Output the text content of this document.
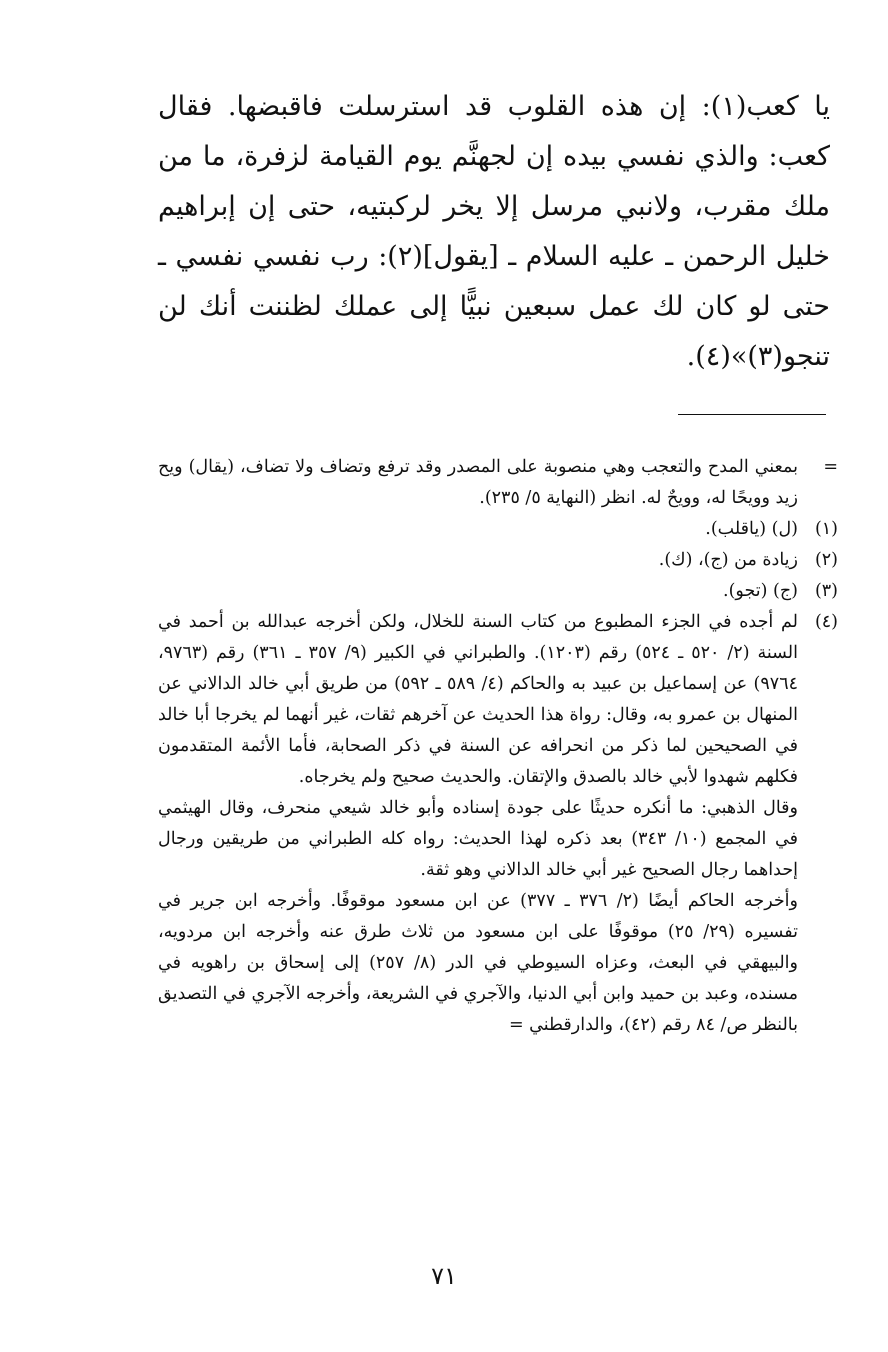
يا كعب(١): إن هذه القلوب قد استرسلت فاقبضها. فقال كعب: والذي نفسي بيده إن لجهنَّم يوم القيامة لزفرة، ما من ملك مقرب، ولانبي مرسل إلا يخر لركبتيه، حتى إن إبراهيم خليل الرحمن ـ عليه السلام ـ [يقول](٢): رب نفسي نفسي ـ حتى لو كان لك عمل سبعين نبيًّا إلى عملك لظننت أنك لن تنجو(٣)»(٤).

=
بمعني المدح والتعجب وهي منصوبة على المصدر وقد ترفع وتضاف ولا تضاف، (يقال) ويح زيد وويحًا له، وويحٌ له. انظر (النهاية ٥/ ٢٣٥).
(١)
(ل) (ياقلب).
(٢)
زيادة من (ج)، (ك).
(٣)
(ج) (تجو).
(٤)
لم أجده في الجزء المطبوع من كتاب السنة للخلال، ولكن أخرجه عبدالله بن أحمد في السنة (٢/ ٥٢٠ ـ ٥٢٤) رقم (١٢٠٣). والطبراني في الكبير (٩/ ٣٥٧ ـ ٣٦١) رقم (٩٧٦٣، ٩٧٦٤) عن إسماعيل بن عبيد به والحاكم (٤/ ٥٨٩ ـ ٥٩٢) من طريق أبي خالد الدالاني عن المنهال بن عمرو به، وقال: رواة هذا الحديث عن آخرهم ثقات، غير أنهما لم يخرجا أبا خالد في الصحيحين لما ذكر من انحرافه عن السنة في ذكر الصحابة، فأما الأئمة المتقدمون فكلهم شهدوا لأبي خالد بالصدق والإتقان. والحديث صحيح ولم يخرجاه.
وقال الذهبي: ما أنكره حديثًا على جودة إسناده وأبو خالد شيعي منحرف، وقال الهيثمي في المجمع (١٠/ ٣٤٣) بعد ذكره لهذا الحديث: رواه كله الطبراني من طريقين ورجال إحداهما رجال الصحيح غير أبي خالد الدالاني وهو ثقة.
وأخرجه الحاكم أيضًا (٢/ ٣٧٦ ـ ٣٧٧) عن ابن مسعود موقوفًا. وأخرجه ابن جرير في تفسيره (٢٩/ ٢٥) موقوفًا على ابن مسعود من ثلاث طرق عنه وأخرجه ابن مردويه، والبيهقي في البعث، وعزاه السيوطي في الدر (٨/ ٢٥٧) إلى إسحاق بن راهويه في مسنده، وعبد بن حميد وابن أبي الدنيا، والآجري في الشريعة، وأخرجه الآجري في التصديق بالنظر ص/ ٨٤ رقم (٤٢)، والدارقطني =
٧١
